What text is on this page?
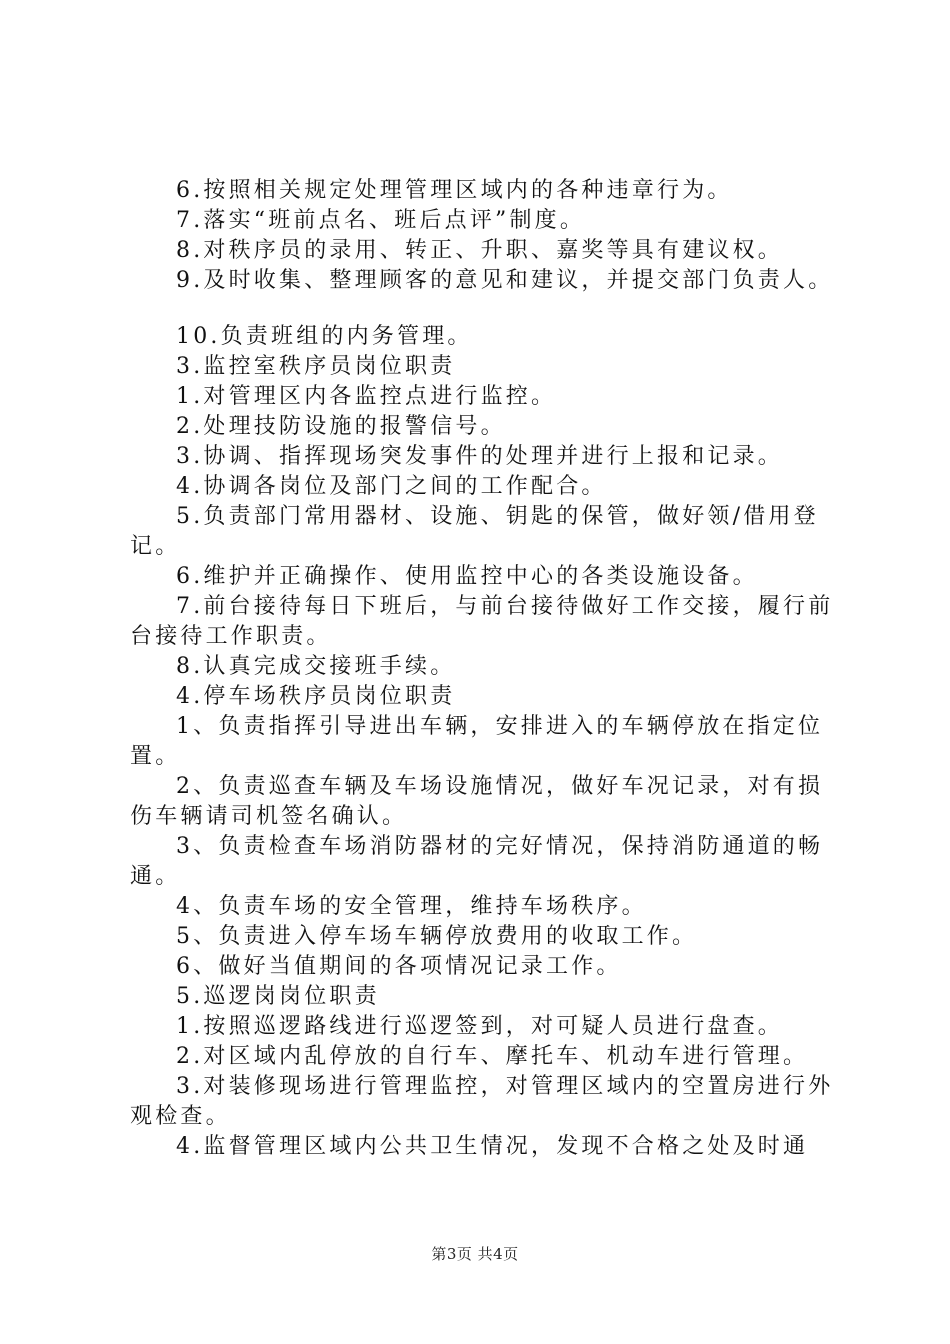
6.按照相关规定处理管理区域内的各种违章行为。

7.落实“班前点名、班后点评”制度。

8.对秩序员的录用、转正、升职、嘉奖等具有建议权。

9.及时收集、整理顾客的意见和建议，并提交部门负责人。

10.负责班组的内务管理。

3.监控室秩序员岗位职责

1.对管理区内各监控点进行监控。

2.处理技防设施的报警信号。

3.协调、指挥现场突发事件的处理并进行上报和记录。

4.协调各岗位及部门之间的工作配合。

5.负责部门常用器材、设施、钥匙的保管，做好领/借用登记。

6.维护并正确操作、使用监控中心的各类设施设备。

7.前台接待每日下班后，与前台接待做好工作交接，履行前台接待工作职责。

8.认真完成交接班手续。

4.停车场秩序员岗位职责

1、负责指挥引导进出车辆，安排进入的车辆停放在指定位置。

2、负责巡查车辆及车场设施情况，做好车况记录，对有损伤车辆请司机签名确认。

3、负责检查车场消防器材的完好情况，保持消防通道的畅通。

4、负责车场的安全管理，维持车场秩序。

5、负责进入停车场车辆停放费用的收取工作。

6、做好当值期间的各项情况记录工作。

5.巡逻岗岗位职责

1.按照巡逻路线进行巡逻签到，对可疑人员进行盘查。

2.对区域内乱停放的自行车、摩托车、机动车进行管理。

3.对装修现场进行管理监控，对管理区域内的空置房进行外观检查。

4.监督管理区域内公共卫生情况，发现不合格之处及时通

第3页 共4页
